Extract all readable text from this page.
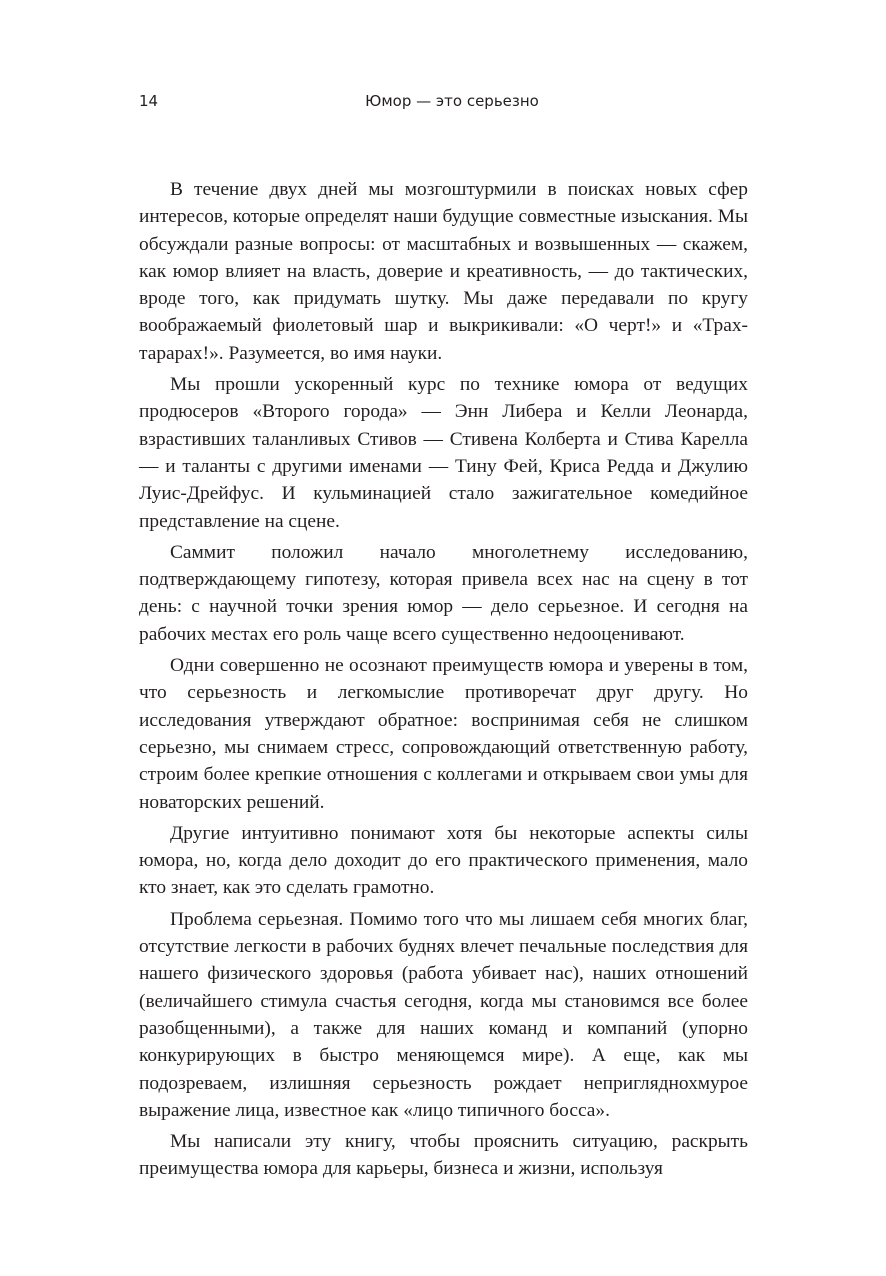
14	Юмор — это серьезно

В течение двух дней мы мозгоштурмили в поисках новых сфер интересов, которые определят наши будущие совместные изыскания. Мы обсуждали разные вопросы: от масштабных и возвышенных — скажем, как юмор влияет на власть, доверие и креативность, — до тактических, вроде того, как придумать шутку. Мы даже передавали по кругу воображаемый фиолетовый шар и выкрикивали: «О черт!» и «Трах-тарарах!». Разумеется, во имя науки.

Мы прошли ускоренный курс по технике юмора от ведущих продюсеров «Второго города» — Энн Либера и Келли Леонарда, взрастивших таланливых Стивов — Стивена Колберта и Стива Карелла — и таланты с другими именами — Тину Фей, Криса Редда и Джулию Луис-Дрейфус. И кульминацией стало зажигательное комедийное представление на сцене.

Саммит положил начало многолетнему исследованию, подтверждающему гипотезу, которая привела всех нас на сцену в тот день: с научной точки зрения юмор — дело серьезное. И сегодня на рабочих местах его роль чаще всего существенно недооценивают.

Одни совершенно не осознают преимуществ юмора и уверены в том, что серьезность и легкомыслие противоречат друг другу. Но исследования утверждают обратное: воспринимая себя не слишком серьезно, мы снимаем стресс, сопровождающий ответственную работу, строим более крепкие отношения с коллегами и открываем свои умы для новаторских решений.

Другие интуитивно понимают хотя бы некоторые аспекты силы юмора, но, когда дело доходит до его практического применения, мало кто знает, как это сделать грамотно.

Проблема серьезная. Помимо того что мы лишаем себя многих благ, отсутствие легкости в рабочих буднях влечет печальные последствия для нашего физического здоровья (работа убивает нас), наших отношений (величайшего стимула счастья сегодня, когда мы становимся все более разобщенными), а также для наших команд и компаний (упорно конкурирующих в быстро меняющемся мире). А еще, как мы подозреваем, излишняя серьезность рождает непригляднохмурое выражение лица, известное как «лицо типичного босса».

Мы написали эту книгу, чтобы прояснить ситуацию, раскрыть преимущества юмора для карьеры, бизнеса и жизни, используя
